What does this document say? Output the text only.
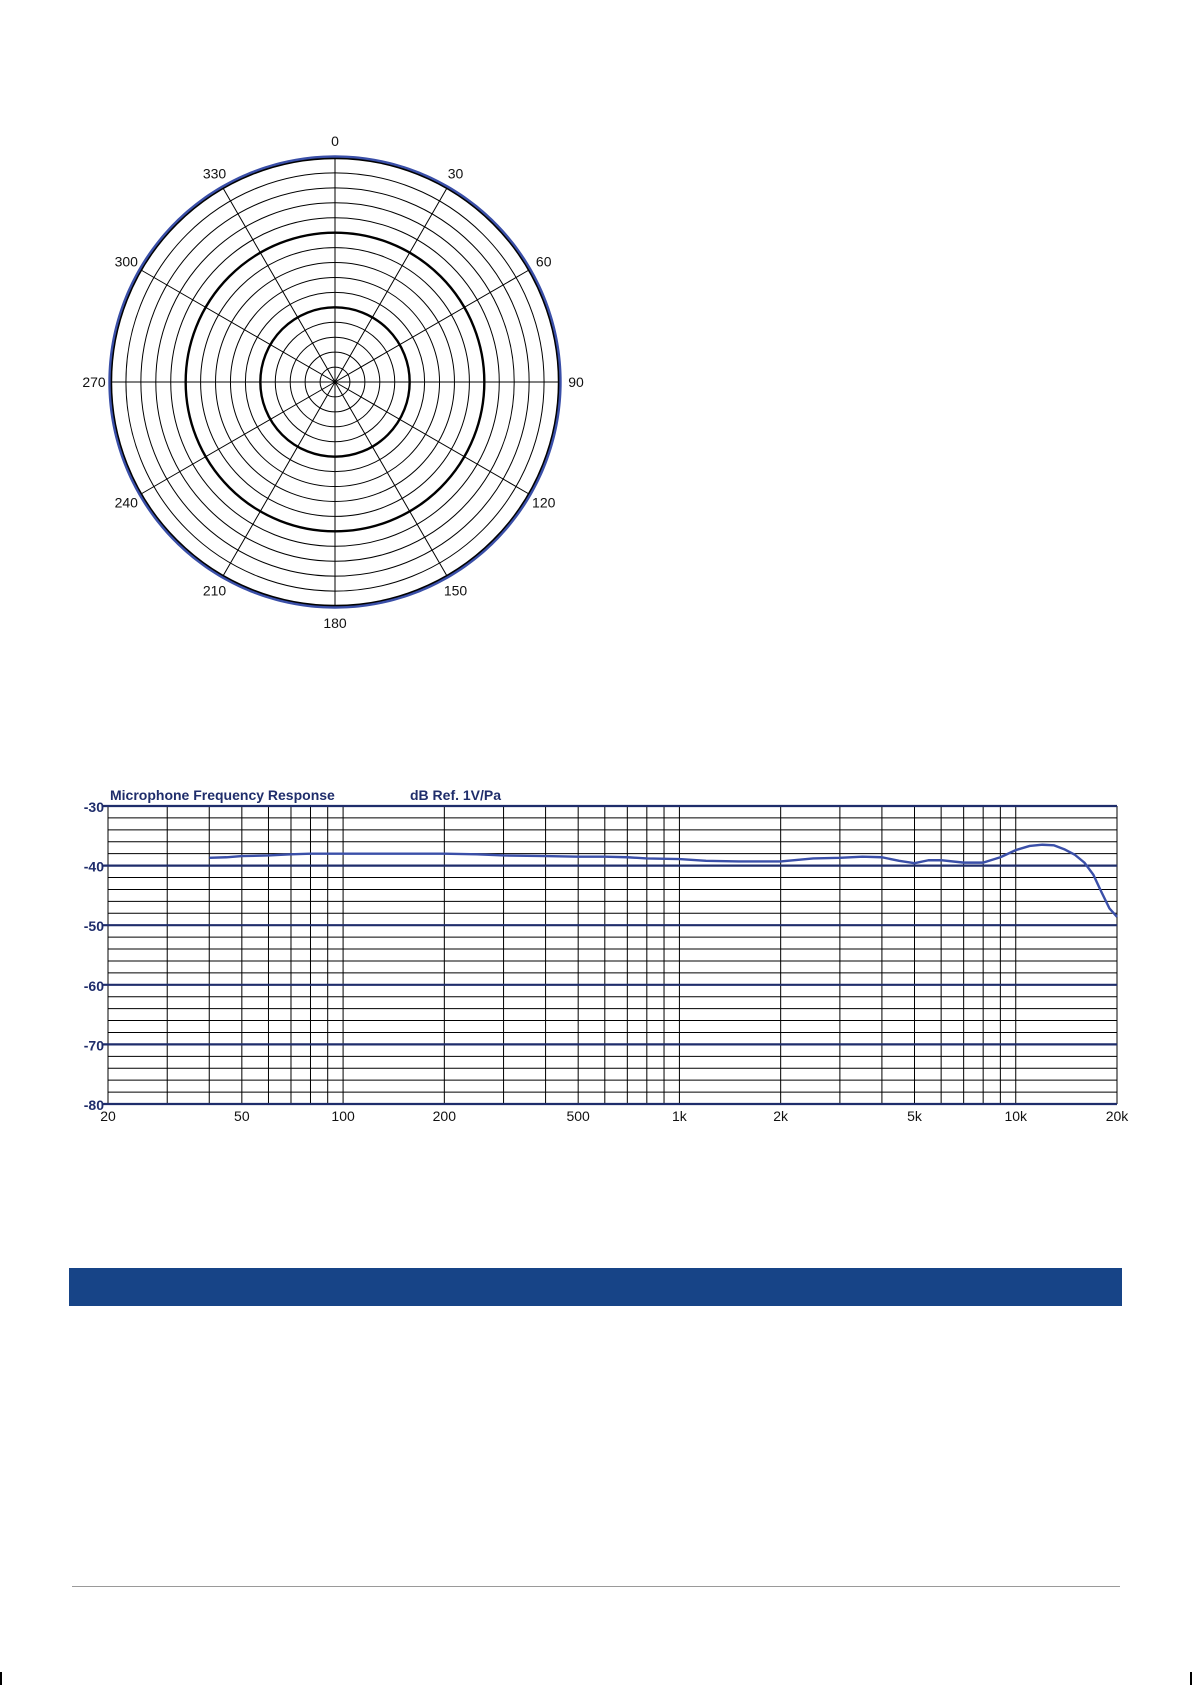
0
30
60
90
120
150
180
210
240
270
300
330
-30
-40
-50
-60
-70
-80
20	50	100	200	500	1k	2k	5k	10k	20k
Microphone Frequency Response	dB Ref. 1V/Pa
